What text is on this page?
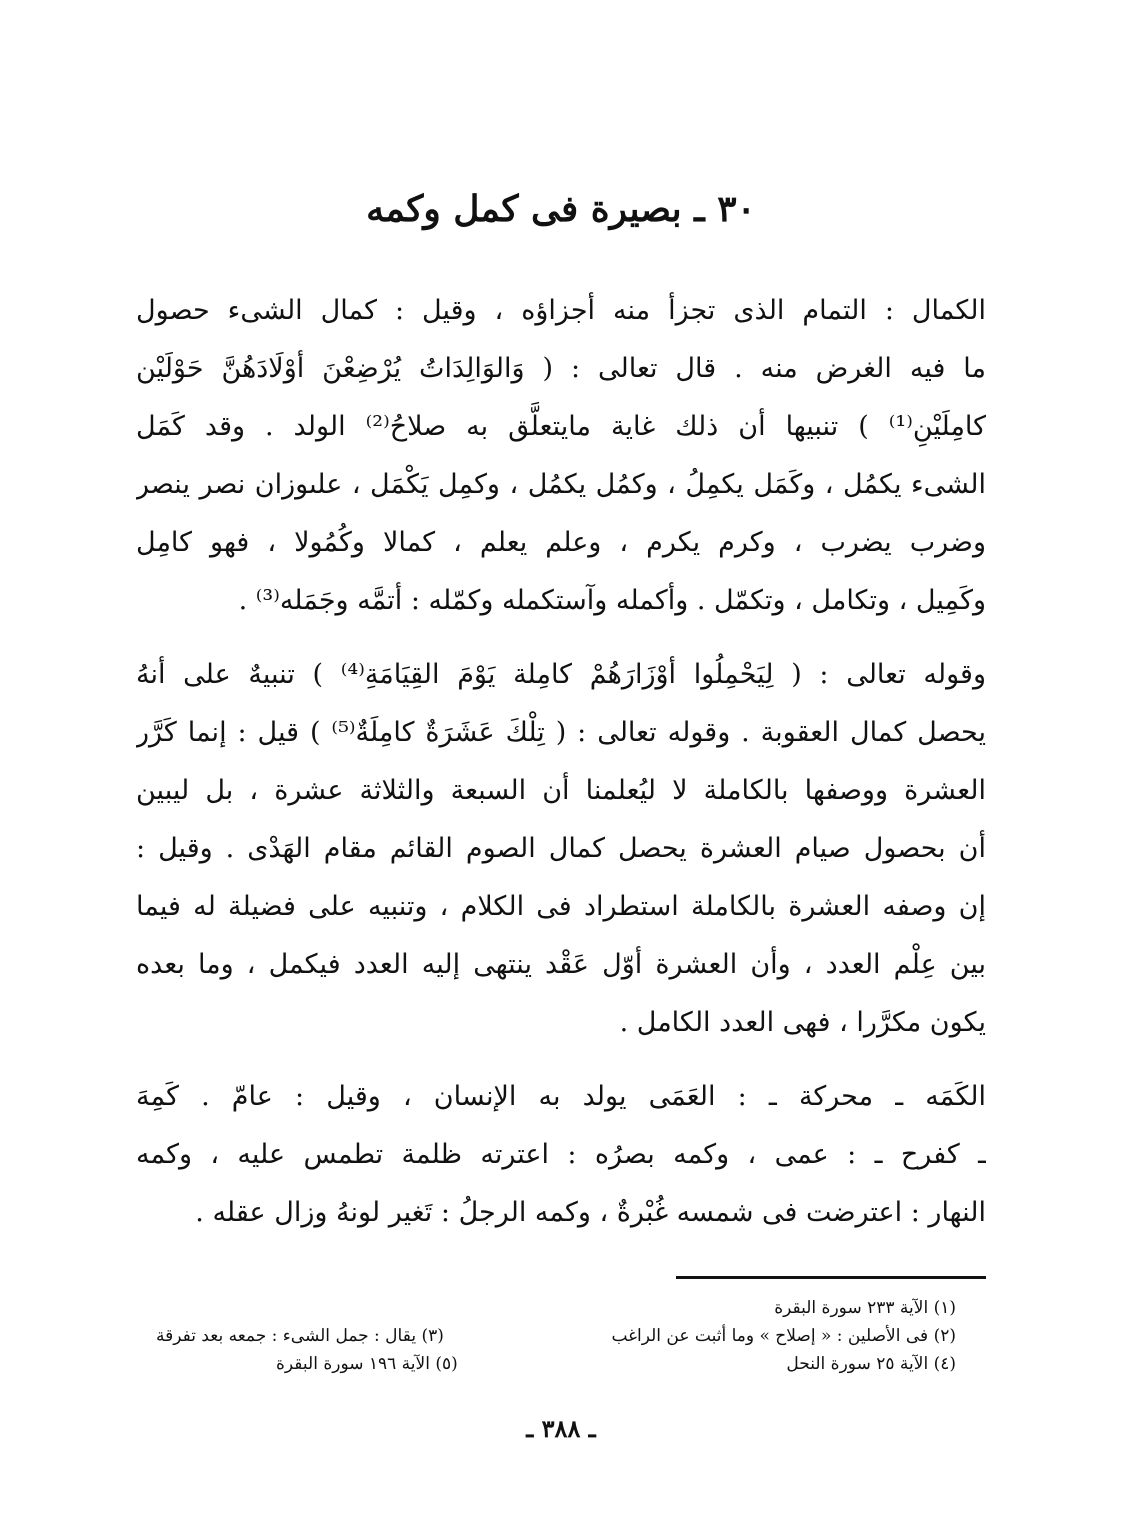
٣٠ ـ بصيرة فى كمل وكمه
الكمال : التمام الذى تجزأ منه أجزاؤه ، وقيل : كمال الشىء حصول
ما فيه الغرض منه . قال تعالى : ( وَالوَالِدَاتُ يُرْضِعْنَ أوْلَادَهُنَّ حَوْلَيْن
كامِلَيْنِ⁽¹⁾ ) تنبيها أن ذلك غاية مايتعلَّق به صلاحُ⁽²⁾ الولد . وقد كَمَل
الشىء يكمُل ، وكَمَل يكمِلُ ، وكمُل يكمُل ، وكمِل يَكْمَل ، علىوزان نصر ينصر
وضرب يضرب ، وكرم يكرم ، وعلم يعلم ، كمالا وكُمُولا ، فهو كامِل
وكَمِيل ، وتكامل ، وتكمّل . وأكمله وآستكمله وكمّله : أتمَّه وجَمَله⁽³⁾ .
وقوله تعالى : ( لِيَحْمِلُوا أوْزَارَهُمْ كامِلة يَوْمَ القِيَامَةِ⁽⁴⁾ ) تنبيهٌ على أنهُ
يحصل كمال العقوبة . وقوله تعالى : ( تِلْكَ عَشَرَةٌ كامِلَةٌ⁽⁵⁾ ) قيل : إنما كَرَّر
العشرة ووصفها بالكاملة لا ليُعلمنا أن السبعة والثلاثة عشرة ، بل ليبين
أن بحصول صيام العشرة يحصل كمال الصوم القائم مقام الهَدْى . وقيل :
إن وصفه العشرة بالكاملة استطراد فى الكلام ، وتنبيه على فضيلة له فيما
بين عِلْم العدد ، وأن العشرة أوّل عَقْد ينتهى إليه العدد فيكمل ، وما بعده
يكون مكرَّرا ، فهى العدد الكامل .
الكَمَه ـ محركة ـ : العَمَى يولد به الإنسان ، وقيل : عامّ . كَمِهَ
ـ كفرح ـ : عمى ، وكمه بصرُه : اعترته ظلمة تطمس عليه ، وكمه
النهار : اعترضت فى شمسه غُبْرةٌ ، وكمه الرجلُ : تَغير لونهُ وزال عقله .
(١) الآية ٢٣٣ سورة البقرة
(٢) فى الأصلين : « إصلاح » وما أثبت عن الراغب
(٣) يقال : جمل الشىء : جمعه بعد تفرقة
(٤) الآية ٢٥ سورة النحل
(٥) الآية ١٩٦ سورة البقرة
ـ ٣٨٨ ـ
